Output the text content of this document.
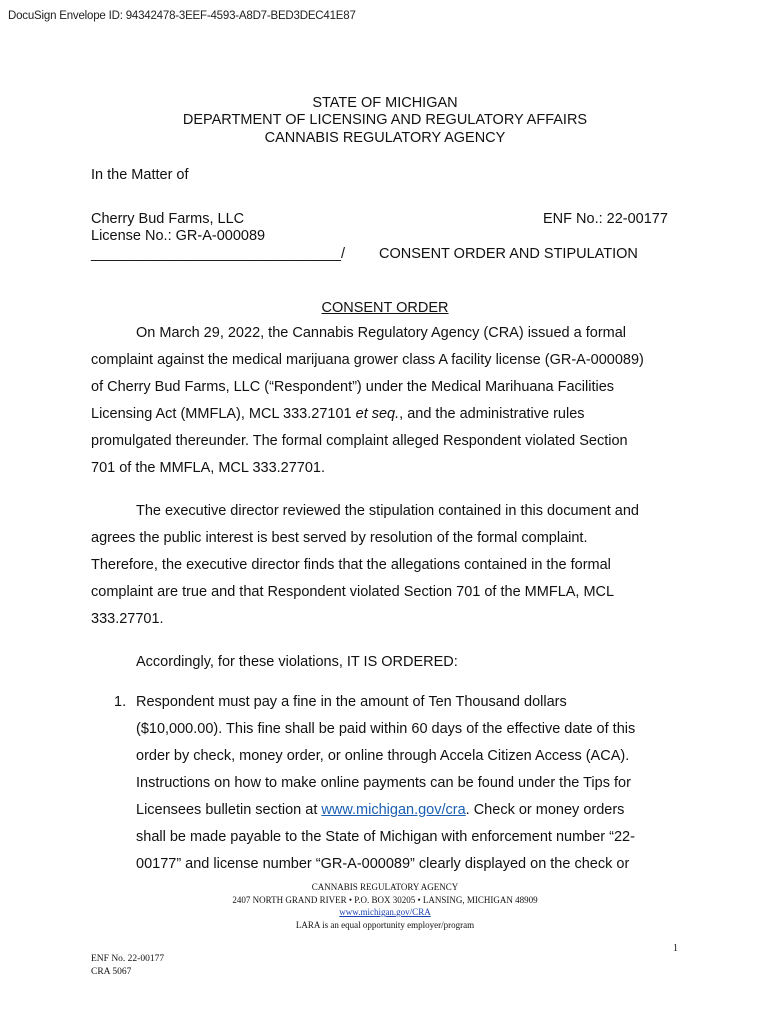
DocuSign Envelope ID: 94342478-3EEF-4593-A8D7-BED3DEC41E87
STATE OF MICHIGAN
DEPARTMENT OF LICENSING AND REGULATORY AFFAIRS
CANNABIS REGULATORY AGENCY
In the Matter of
Cherry Bud Farms, LLC
License No.: GR-A-000089
_______________________________/
ENF No.: 22-00177
CONSENT ORDER AND STIPULATION
CONSENT ORDER
On March 29, 2022, the Cannabis Regulatory Agency (CRA) issued a formal
complaint against the medical marijuana grower class A facility license (GR-A-000089)
of Cherry Bud Farms, LLC (“Respondent”) under the Medical Marihuana Facilities
Licensing Act (MMFLA), MCL 333.27101 et seq., and the administrative rules
promulgated thereunder. The formal complaint alleged Respondent violated Section
701 of the MMFLA, MCL 333.27701.
The executive director reviewed the stipulation contained in this document and
agrees the public interest is best served by resolution of the formal complaint.
Therefore, the executive director finds that the allegations contained in the formal
complaint are true and that Respondent violated Section 701 of the MMFLA, MCL
333.27701.
Accordingly, for these violations, IT IS ORDERED:
1. Respondent must pay a fine in the amount of Ten Thousand dollars
($10,000.00). This fine shall be paid within 60 days of the effective date of this
order by check, money order, or online through Accela Citizen Access (ACA).
Instructions on how to make online payments can be found under the Tips for
Licensees bulletin section at www.michigan.gov/cra. Check or money orders
shall be made payable to the State of Michigan with enforcement number “22-
00177” and license number “GR-A-000089” clearly displayed on the check or
CANNABIS REGULATORY AGENCY
2407 NORTH GRAND RIVER • P.O. BOX 30205 • LANSING, MICHIGAN 48909
www.michigan.gov/CRA
LARA is an equal opportunity employer/program
1
ENF No. 22-00177
CRA 5067
